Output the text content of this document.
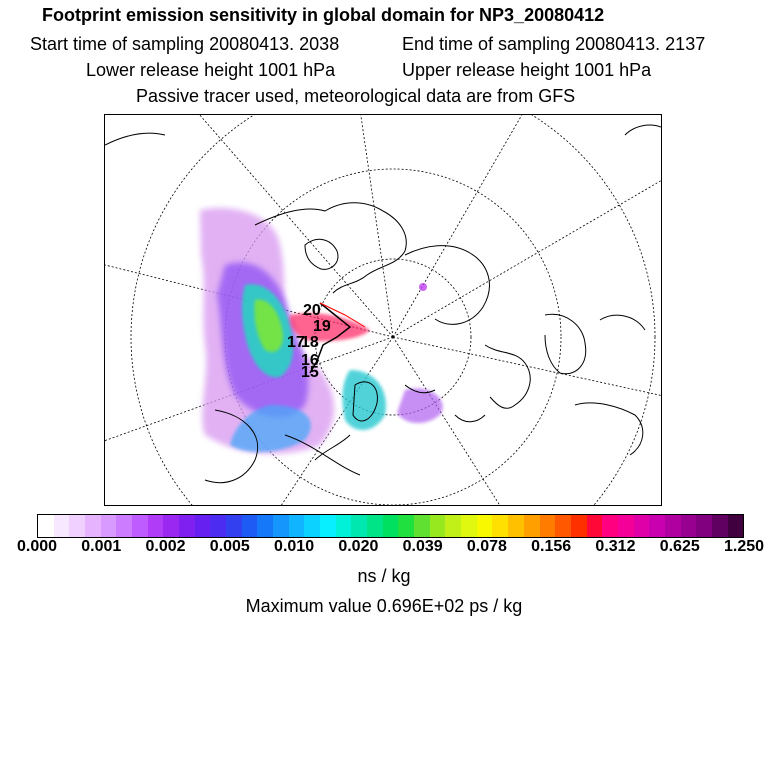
Footprint emission sensitivity in global domain for NP3_20080412
Start time of sampling 20080413. 2038	End time of sampling 20080413. 2137
Lower release height 1001 hPa	Upper release height 1001 hPa
Passive tracer used, meteorological data are from GFS
20
19
18
17
16
15
0.000 0.001 0.002 0.005 0.010 0.020 0.039 0.078 0.156 0.312 0.625 1.250
ns / kg
Maximum value 0.696E+02 ps / kg
